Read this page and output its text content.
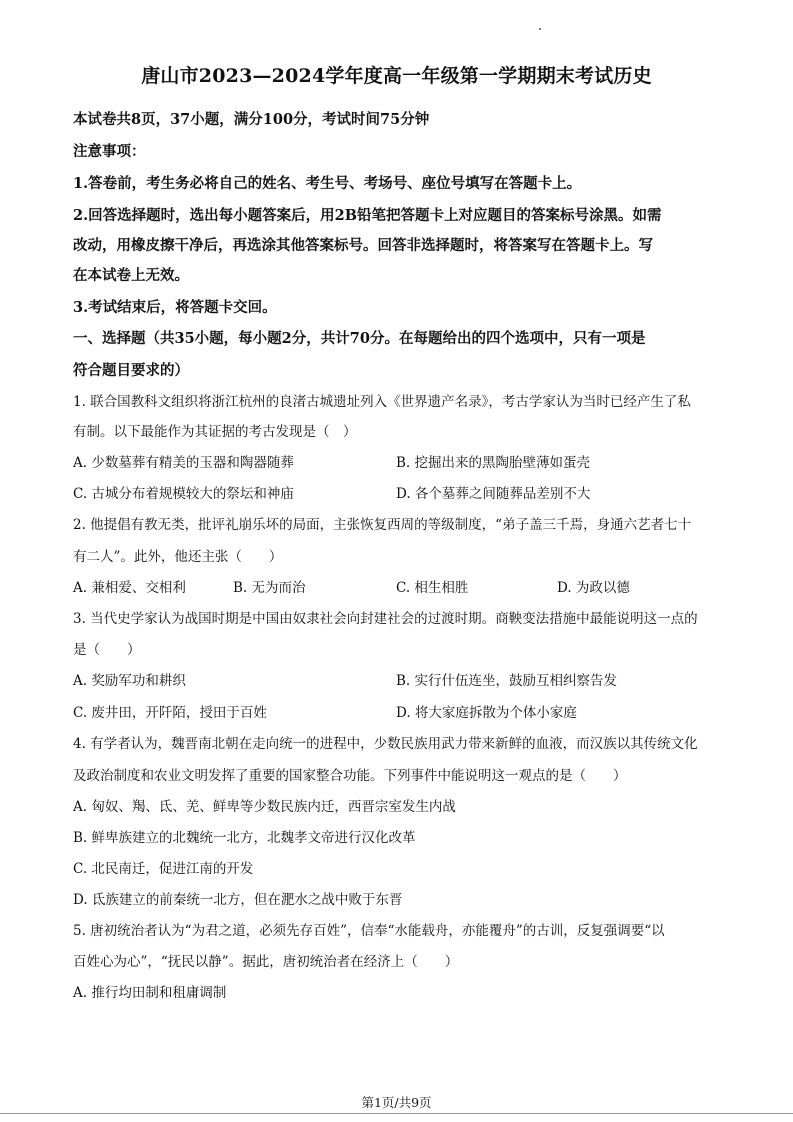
唐山市2023—2024学年度高一年级第一学期期末考试历史
本试卷共8页，37小题，满分100分，考试时间75分钟
注意事项：
1.答卷前，考生务必将自己的姓名、考生号、考场号、座位号填写在答题卡上。
2.回答选择题时，选出每小题答案后，用2B铅笔把答题卡上对应题目的答案标号涂黑。如需
改动，用橡皮擦干净后，再选涂其他答案标号。回答非选择题时，将答案写在答题卡上。写
在本试卷上无效。
3.考试结束后，将答题卡交回。
一、选择题（共35小题，每小题2分，共计70分。在每题给出的四个选项中，只有一项是
符合题目要求的）
1. 联合国教科文组织将浙江杭州的良渚古城遗址列入《世界遗产名录》，考古学家认为当时已经产生了私
有制。以下最能作为其证据的考古发现是（　）
A. 少数墓葬有精美的玉器和陶器随葬	B. 挖掘出来的黑陶胎壁薄如蛋壳
C. 古城分布着规模较大的祭坛和神庙	D. 各个墓葬之间随葬品差别不大
2. 他提倡有教无类，批评礼崩乐坏的局面，主张恢复西周的等级制度，“弟子盖三千焉，身通六艺者七十
有二人”。此外，他还主张（　　）
A. 兼相爱、交相利	B. 无为而治	C. 相生相胜	D. 为政以德
3. 当代史学家认为战国时期是中国由奴隶社会向封建社会的过渡时期。商鞅变法措施中最能说明这一点的
是（　　）
A. 奖励军功和耕织	B. 实行什伍连坐，鼓励互相纠察告发
C. 废井田，开阡陌，授田于百姓	D. 将大家庭拆散为个体小家庭
4. 有学者认为，魏晋南北朝在走向统一的进程中，少数民族用武力带来新鲜的血液，而汉族以其传统文化
及政治制度和农业文明发挥了重要的国家整合功能。下列事件中能说明这一观点的是（　　）
A. 匈奴、羯、氐、羌、鲜卑等少数民族内迁，西晋宗室发生内战
B. 鲜卑族建立的北魏统一北方，北魏孝文帝进行汉化改革
C. 北民南迁，促进江南的开发
D. 氐族建立的前秦统一北方，但在淝水之战中败于东晋
5. 唐初统治者认为“为君之道，必须先存百姓”，信奉“水能载舟，亦能覆舟”的古训，反复强调要“以
百姓心为心”，“抚民以静”。据此，唐初统治者在经济上（　　）
A. 推行均田制和租庸调制
第1页/共9页
